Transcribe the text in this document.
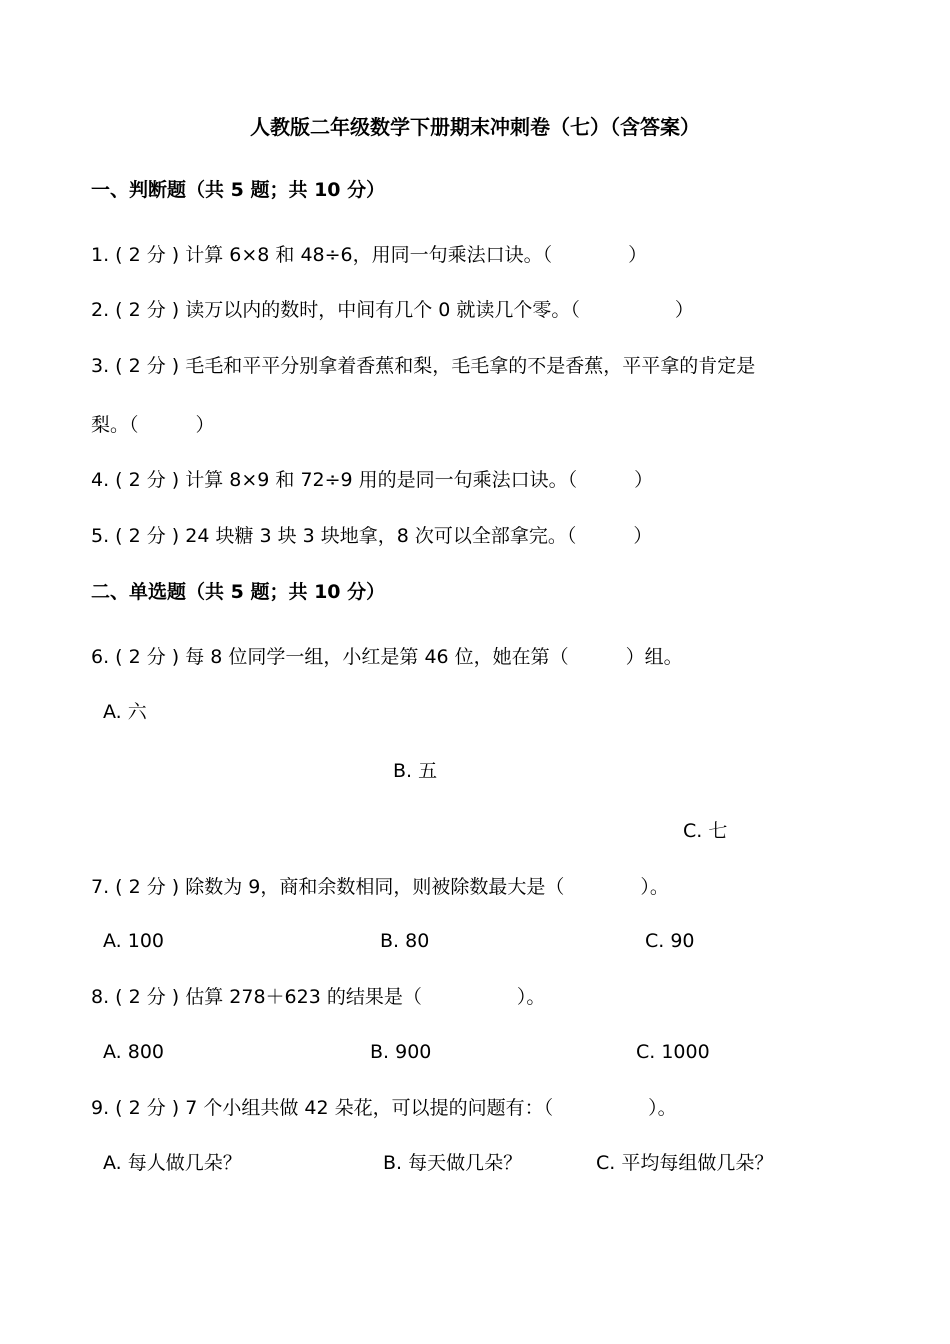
人教版二年级数学下册期末冲刺卷（七）（含答案）
一、判断题（共 5 题；共 10 分）
1. ( 2 分 ) 计算 6×8 和 48÷6，用同一句乘法口诀。（　　　　）
2. ( 2 分 ) 读万以内的数时，中间有几个 0 就读几个零。（　　　　　）
3. ( 2 分 ) 毛毛和平平分别拿着香蕉和梨，毛毛拿的不是香蕉，平平拿的肯定是
梨。（　　　）
4. ( 2 分 ) 计算 8×9 和 72÷9 用的是同一句乘法口诀。（　　　）
5. ( 2 分 ) 24 块糖 3 块 3 块地拿，8 次可以全部拿完。（　　　）
二、单选题（共 5 题；共 10 分）
6. ( 2 分 ) 每 8 位同学一组，小红是第 46 位，她在第（　　　）组。
A. 六
B. 五
C. 七
7. ( 2 分 ) 除数为 9，商和余数相同，则被除数最大是（　　　　）。
A. 100	B. 80	C. 90
8. ( 2 分 ) 估算 278＋623 的结果是（　　　　　）。
A. 800	B. 900	C. 1000
9. ( 2 分 ) 7 个小组共做 42 朵花，可以提的问题有：（　　　　　）。
A. 每人做几朵？	B. 每天做几朵？	C. 平均每组做几朵？
